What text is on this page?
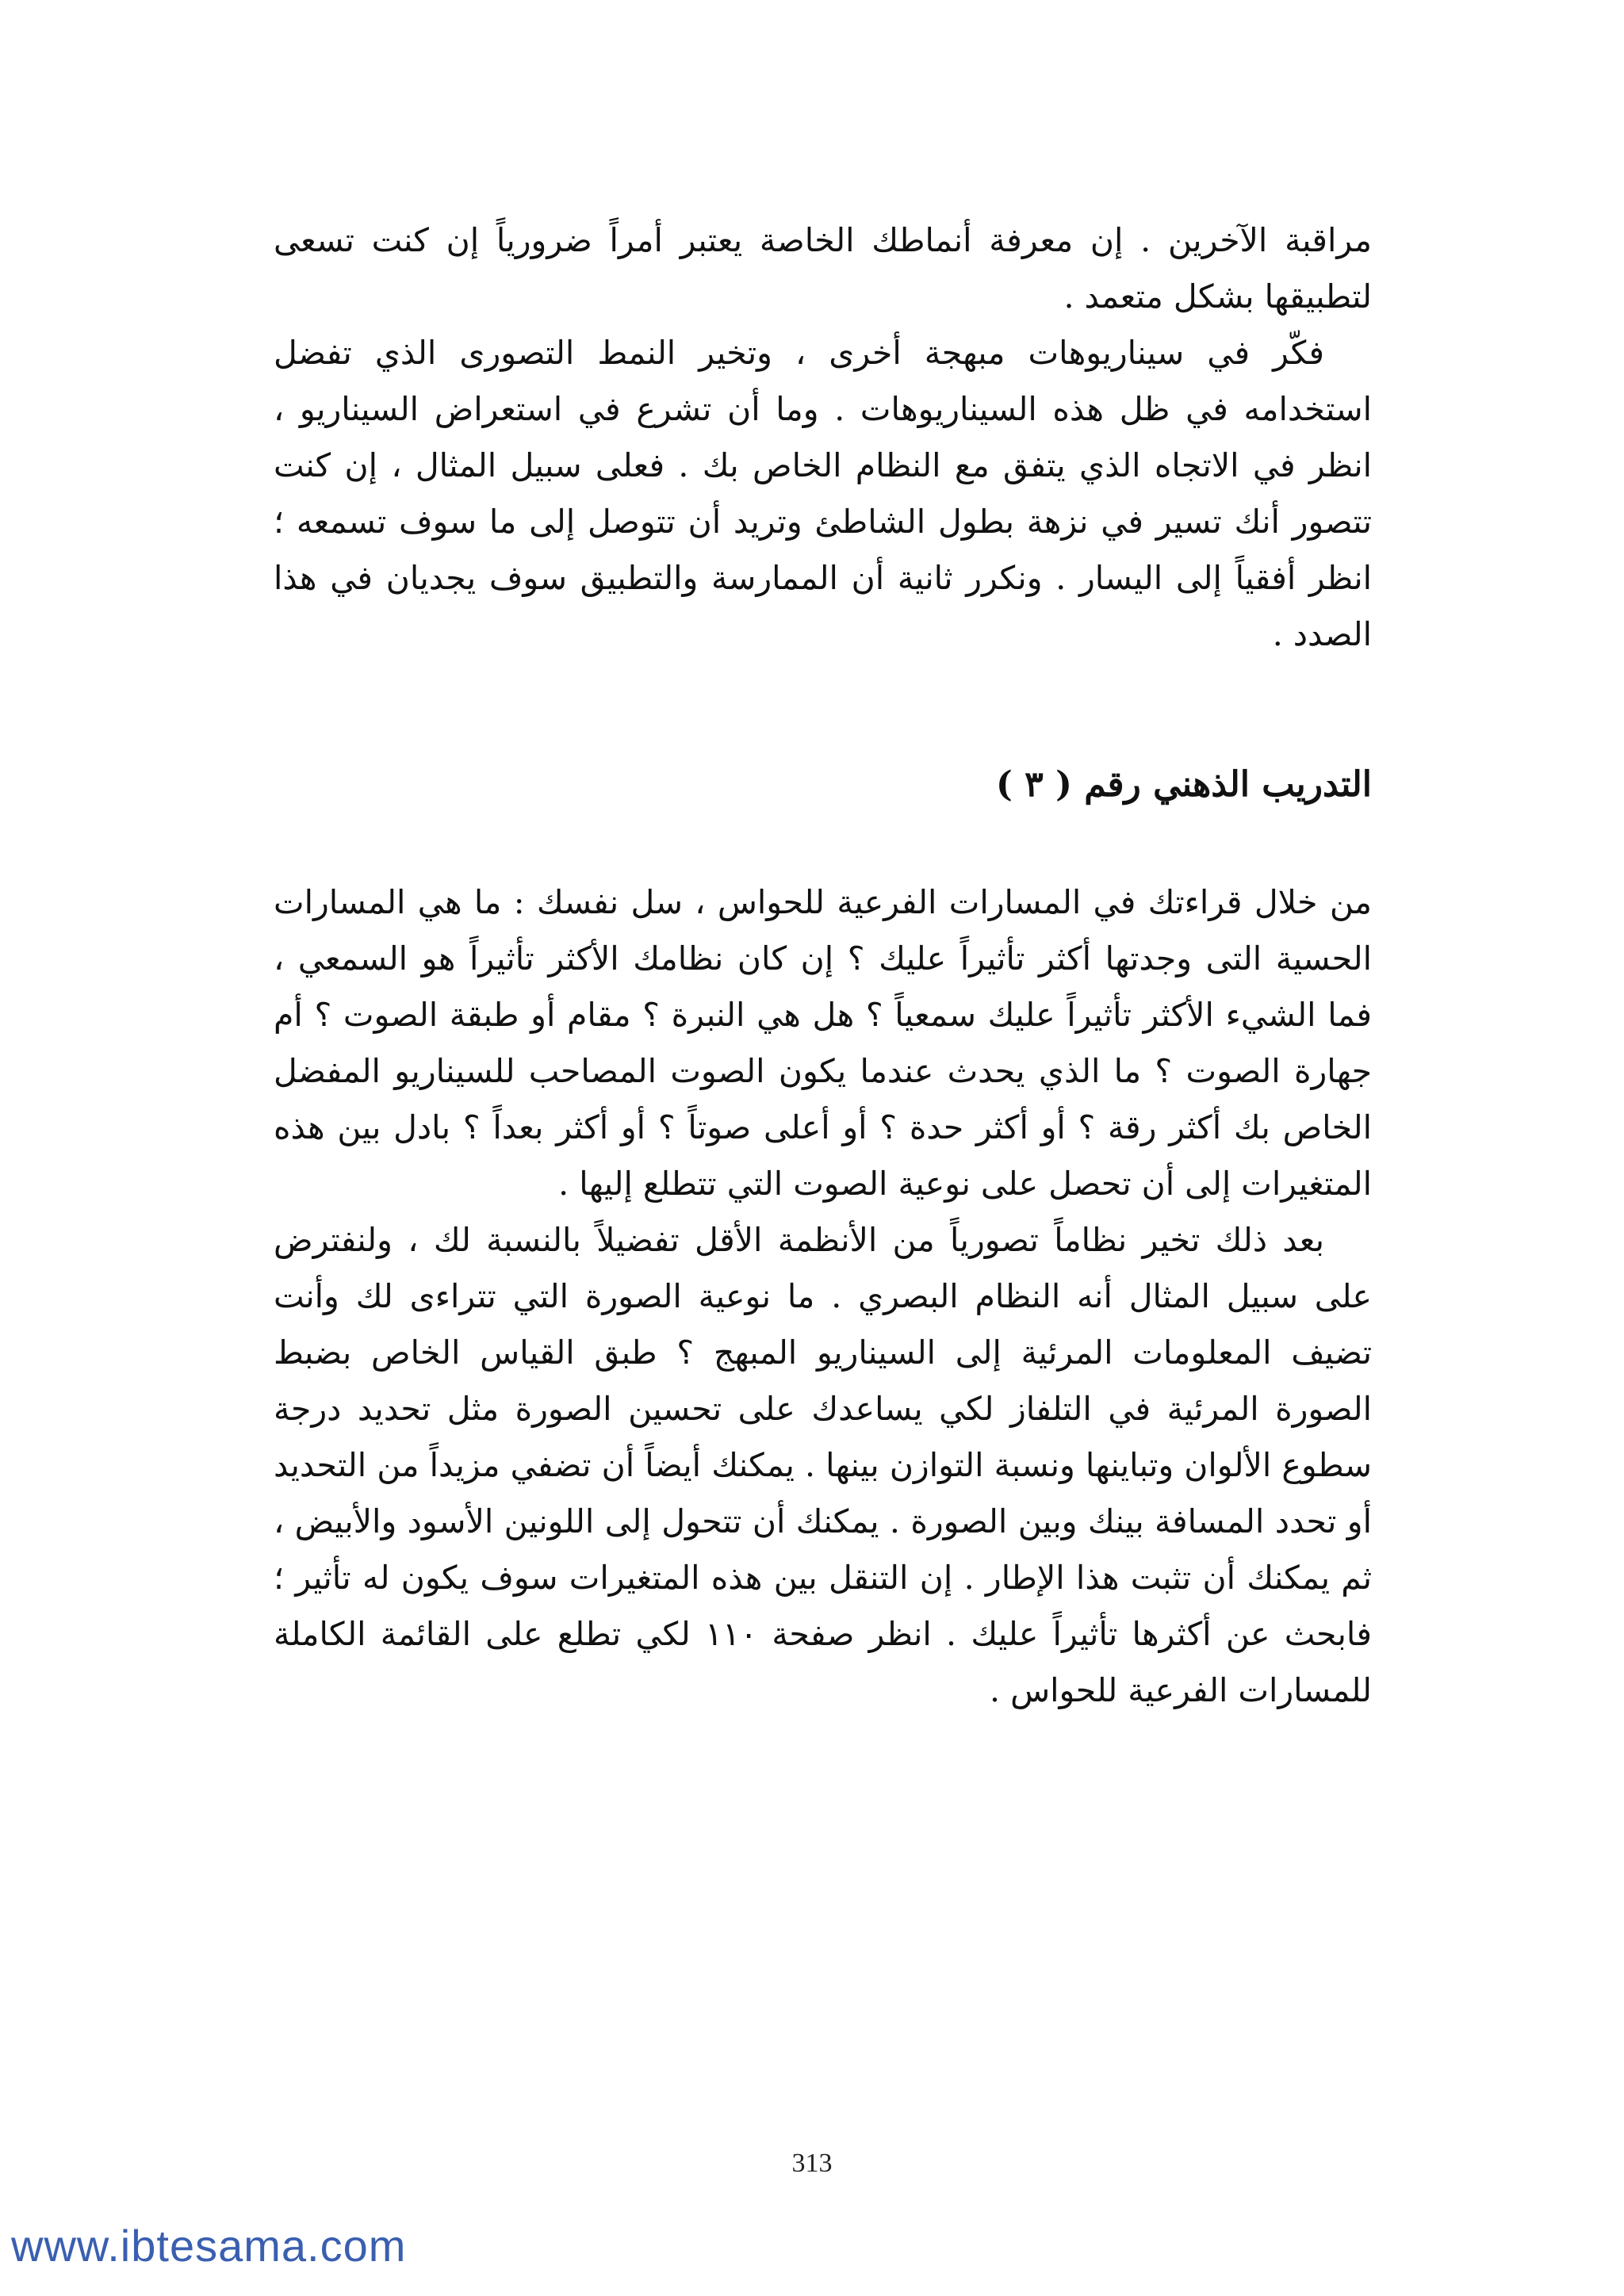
مراقبة الآخرين . إن معرفة أنماطك الخاصة يعتبر أمراً ضرورياً إن كنت تسعى لتطبيقها بشكل متعمد .

فكّر في سيناريوهات مبهجة أخرى ، وتخير النمط التصورى الذي تفضل استخدامه في ظل هذه السيناريوهات . وما أن تشرع في استعراض السيناريو ، انظر في الاتجاه الذي يتفق مع النظام الخاص بك . فعلى سبيل المثال ، إن كنت تتصور أنك تسير في نزهة بطول الشاطئ وتريد أن تتوصل إلى ما سوف تسمعه ؛ انظر أفقياً إلى اليسار . ونكرر ثانية أن الممارسة والتطبيق سوف يجديان في هذا الصدد .

التدريب الذهني رقم ( ٣ )

من خلال قراءتك في المسارات الفرعية للحواس ، سل نفسك : ما هي المسارات الحسية التى وجدتها أكثر تأثيراً عليك ؟ إن كان نظامك الأكثر تأثيراً هو السمعي ، فما الشيء الأكثر تأثيراً عليك سمعياً ؟ هل هي النبرة ؟ مقام أو طبقة الصوت ؟ أم جهارة الصوت ؟ ما الذي يحدث عندما يكون الصوت المصاحب للسيناريو المفضل الخاص بك أكثر رقة ؟ أو أكثر حدة ؟ أو أعلى صوتاً ؟ أو أكثر بعداً ؟ بادل بين هذه المتغيرات إلى أن تحصل على نوعية الصوت التي تتطلع إليها .

بعد ذلك تخير نظاماً تصورياً من الأنظمة الأقل تفضيلاً بالنسبة لك ، ولنفترض على سبيل المثال أنه النظام البصري . ما نوعية الصورة التي تتراءى لك وأنت تضيف المعلومات المرئية إلى السيناريو المبهج ؟ طبق القياس الخاص بضبط الصورة المرئية في التلفاز لكي يساعدك على تحسين الصورة مثل تحديد درجة سطوع الألوان وتباينها ونسبة التوازن بينها . يمكنك أيضاً أن تضفي مزيداً من التحديد أو تحدد المسافة بينك وبين الصورة . يمكنك أن تتحول إلى اللونين الأسود والأبيض ، ثم يمكنك أن تثبت هذا الإطار . إن التنقل بين هذه المتغيرات سوف يكون له تأثير ؛ فابحث عن أكثرها تأثيراً عليك . انظر صفحة ١١٠ لكي تطلع على القائمة الكاملة للمسارات الفرعية للحواس .

313
www.ibtesama.com
